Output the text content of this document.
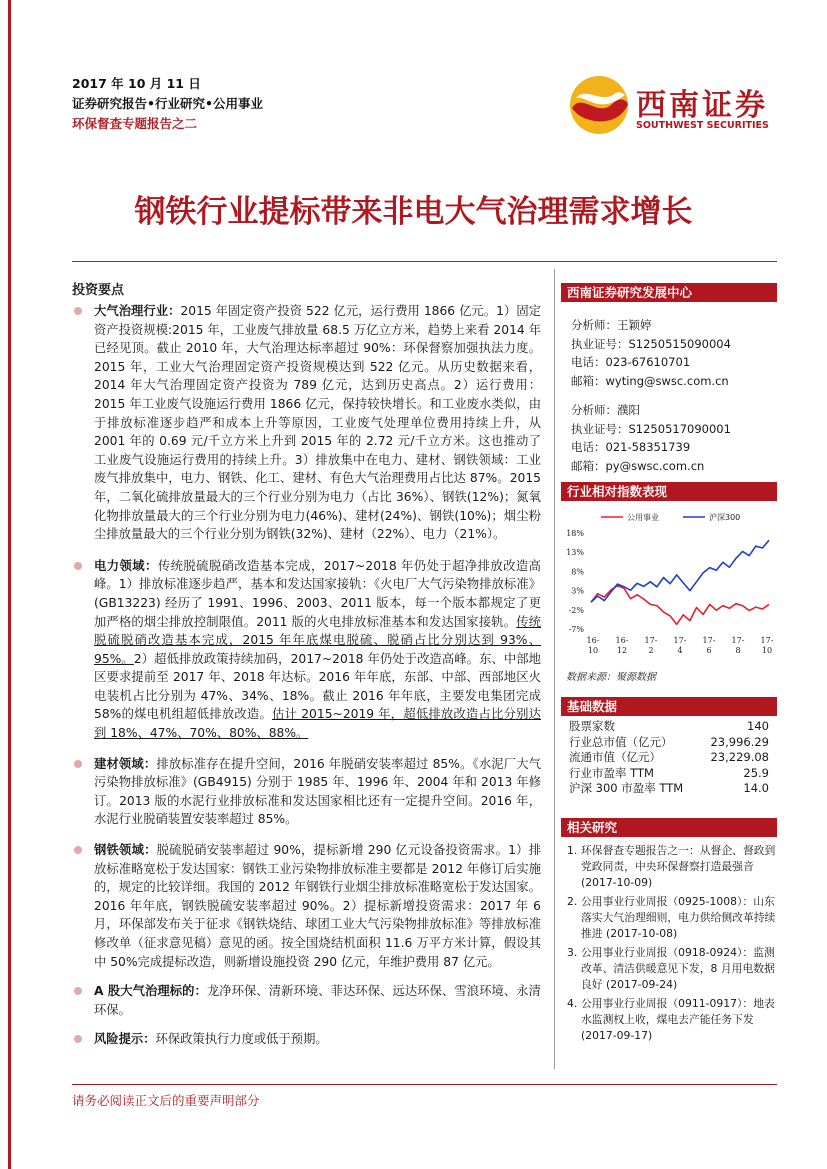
2017 年 10 月 11 日
证券研究报告•行业研究•公用事业
环保督查专题报告之二
西南证券
SOUTHWEST SECURITIES
钢铁行业提标带来非电大气治理需求增长
投资要点
大气治理行业：2015 年固定资产投资 522 亿元，运行费用 1866 亿元。1）固定资产投资规模:2015 年，工业废气排放量 68.5 万亿立方米，趋势上来看 2014 年已经见顶。截止 2010 年，大气治理达标率超过 90%：环保督察加强执法力度。2015 年，工业大气治理固定资产投资规模达到 522 亿元。从历史数据来看，2014 年大气治理固定资产投资为 789 亿元，达到历史高点。2）运行费用：2015 年工业废气设施运行费用 1866 亿元，保持较快增长。和工业废水类似，由于排放标准逐步趋严和成本上升等原因，工业废气处理单位费用持续上升，从 2001 年的 0.69 元/千立方米上升到 2015 年的 2.72 元/千立方米。这也推动了工业废气设施运行费用的持续上升。3）排放集中在电力、建材、钢铁领域：工业废气排放集中，电力、钢铁、化工、建材、有色大气治理费用占比达 87%。2015 年，二氧化硫排放量最大的三个行业分别为电力（占比 36%）、钢铁(12%)；氮氧化物排放量最大的三个行业分别为电力(46%)、建材(24%)、钢铁(10%)；烟尘粉尘排放量最大的三个行业分别为钢铁(32%)、建材（22%）、电力（21%）。
电力领域：传统脱硫脱硝改造基本完成，2017~2018 年仍处于超净排放改造高峰。1）排放标准逐步趋严，基本和发达国家接轨：《火电厂大气污染物排放标准》(GB13223) 经历了 1991、1996、2003、2011 版本，每一个版本都规定了更加严格的烟尘排放控制限值。2011 版的火电排放标准基本和发达国家接轨。传统脱硫脱硝改造基本完成，2015 年年底煤电脱硫、脱硝占比分别达到 93%、95%。2）超低排放政策持续加码，2017~2018 年仍处于改造高峰。东、中部地区要求提前至 2017 年、2018 年达标。2016 年年底，东部、中部、西部地区火电装机占比分别为 47%、34%、18%。截止 2016 年年底，主要发电集团完成 58%的煤电机组超低排放改造。估计 2015~2019 年，超低排放改造占比分别达到 18%、47%、70%、80%、88%。
建材领域：排放标准存在提升空间，2016 年脱硝安装率超过 85%。《水泥厂大气污染物排放标准》(GB4915) 分别于 1985 年、1996 年、2004 年和 2013 年修订。2013 版的水泥行业排放标准和发达国家相比还有一定提升空间。2016 年，水泥行业脱硝装置安装率超过 85%。
钢铁领域：脱硫脱硝安装率超过 90%，提标新增 290 亿元设备投资需求。1）排放标准略宽松于发达国家：钢铁工业污染物排放标准主要都是 2012 年修订后实施的，规定的比较详细。我国的 2012 年钢铁行业烟尘排放标准略宽松于发达国家。2016 年年底，钢铁脱硫安装率超过 90%。2）提标新增投资需求：2017 年 6 月，环保部发布关于征求《钢铁烧结、球团工业大气污染物排放标准》等排放标准修改单（征求意见稿）意见的函。按全国烧结机面积 11.6 万平方米计算，假设其中 50%完成提标改造，则新增设施投资 290 亿元，年维护费用 87 亿元。
A 股大气治理标的：龙净环保、清新环境、菲达环保、远达环保、雪浪环境、永清环保。
风险提示：环保政策执行力度或低于预期。
西南证券研究发展中心
分析师：王颖婷
执业证号：S1250515090004
电话：023-67610701
邮箱：wyting@swsc.com.cn
分析师：濮阳
执业证号：S1250517090001
电话：021-58351739
邮箱：py@swsc.com.cn
行业相对指数表现
公用事业	沪深300
18%
13%
8%
3%
-2%
-7%
16-
10
16-
12
17-
2
17-
4
17-
6
17-
8
17-
10
数据来源：聚源数据
基础数据
股票家数	140
行业总市值（亿元）	23,996.29
流通市值（亿元）	23,229.08
行业市盈率 TTM	25.9
沪深 300 市盈率 TTM	14.0
相关研究
1. 环保督查专题报告之一：从督企、督政到党政同责，中央环保督察打造最强音 (2017-10-09)
2. 公用事业行业周报（0925-1008）：山东落实大气治理细则，电力供给侧改革持续推进 (2017-10-08)
3. 公用事业行业周报（0918-0924）：监测改革、清洁供暖意见下发，8 月用电数据良好 (2017-09-24)
4. 公用事业行业周报（0911-0917）：地表水监测权上收，煤电去产能任务下发 (2017-09-17)
请务必阅读正文后的重要声明部分
